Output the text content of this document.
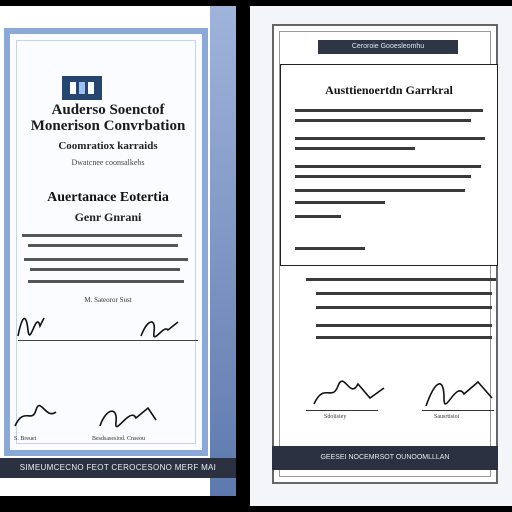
Auderso Soenctof
Monerison Convrbation
Coomratiox karraids
Dwatcnee coonsalkebs
Auertanace Eotertia
Genr Gnrani
M. Sateoror Sust
S. Breuet	Besdsasesiod. Cnseou
SIMEUMCECNO FEOT CEROCESONO MERF MAI
Ceroroie Gooesleomhu
Austtienoertdn Garrkral
Sdoiisiey	Sausrtisioi
GEESEI NOCEMRSOT OUNOOMLLLAN
